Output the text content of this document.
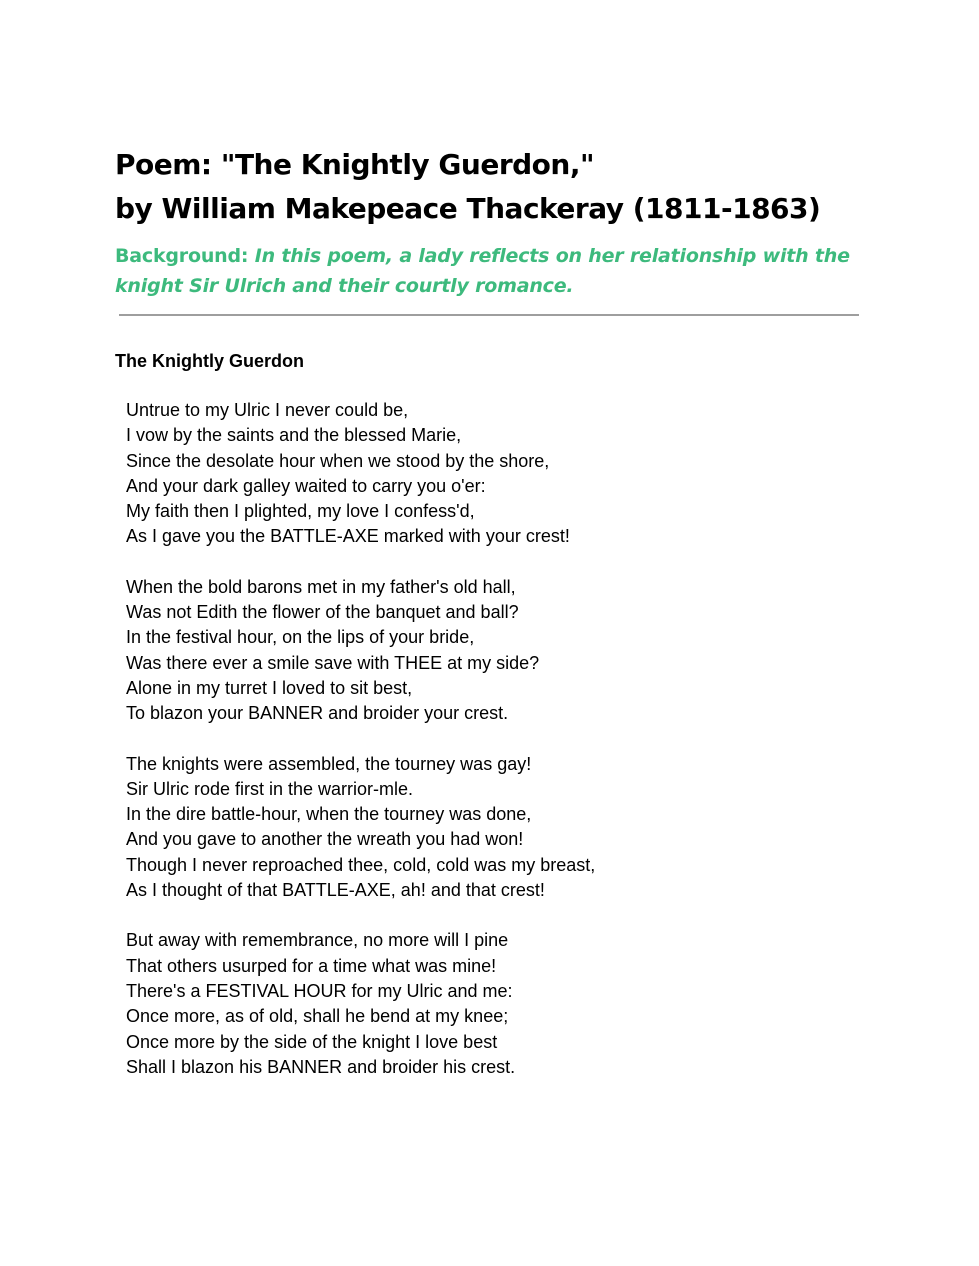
Poem: "The Knightly Guerdon,"
by William Makepeace Thackeray (1811-1863)

Background: In this poem, a lady reflects on her relationship with the knight Sir Ulrich and their courtly romance.

The Knightly Guerdon
Untrue to my Ulric I never could be,
I vow by the saints and the blessed Marie,
Since the desolate hour when we stood by the shore,
And your dark galley waited to carry you o'er:
My faith then I plighted, my love I confess'd,
As I gave you the BATTLE-AXE marked with your crest!
When the bold barons met in my father's old hall,
Was not Edith the flower of the banquet and ball?
In the festival hour, on the lips of your bride,
Was there ever a smile save with THEE at my side?
Alone in my turret I loved to sit best,
To blazon your BANNER and broider your crest.
The knights were assembled, the tourney was gay!
Sir Ulric rode first in the warrior-mle.
In the dire battle-hour, when the tourney was done,
And you gave to another the wreath you had won!
Though I never reproached thee, cold, cold was my breast,
As I thought of that BATTLE-AXE, ah! and that crest!
But away with remembrance, no more will I pine
That others usurped for a time what was mine!
There's a FESTIVAL HOUR for my Ulric and me:
Once more, as of old, shall he bend at my knee;
Once more by the side of the knight I love best
Shall I blazon his BANNER and broider his crest.
